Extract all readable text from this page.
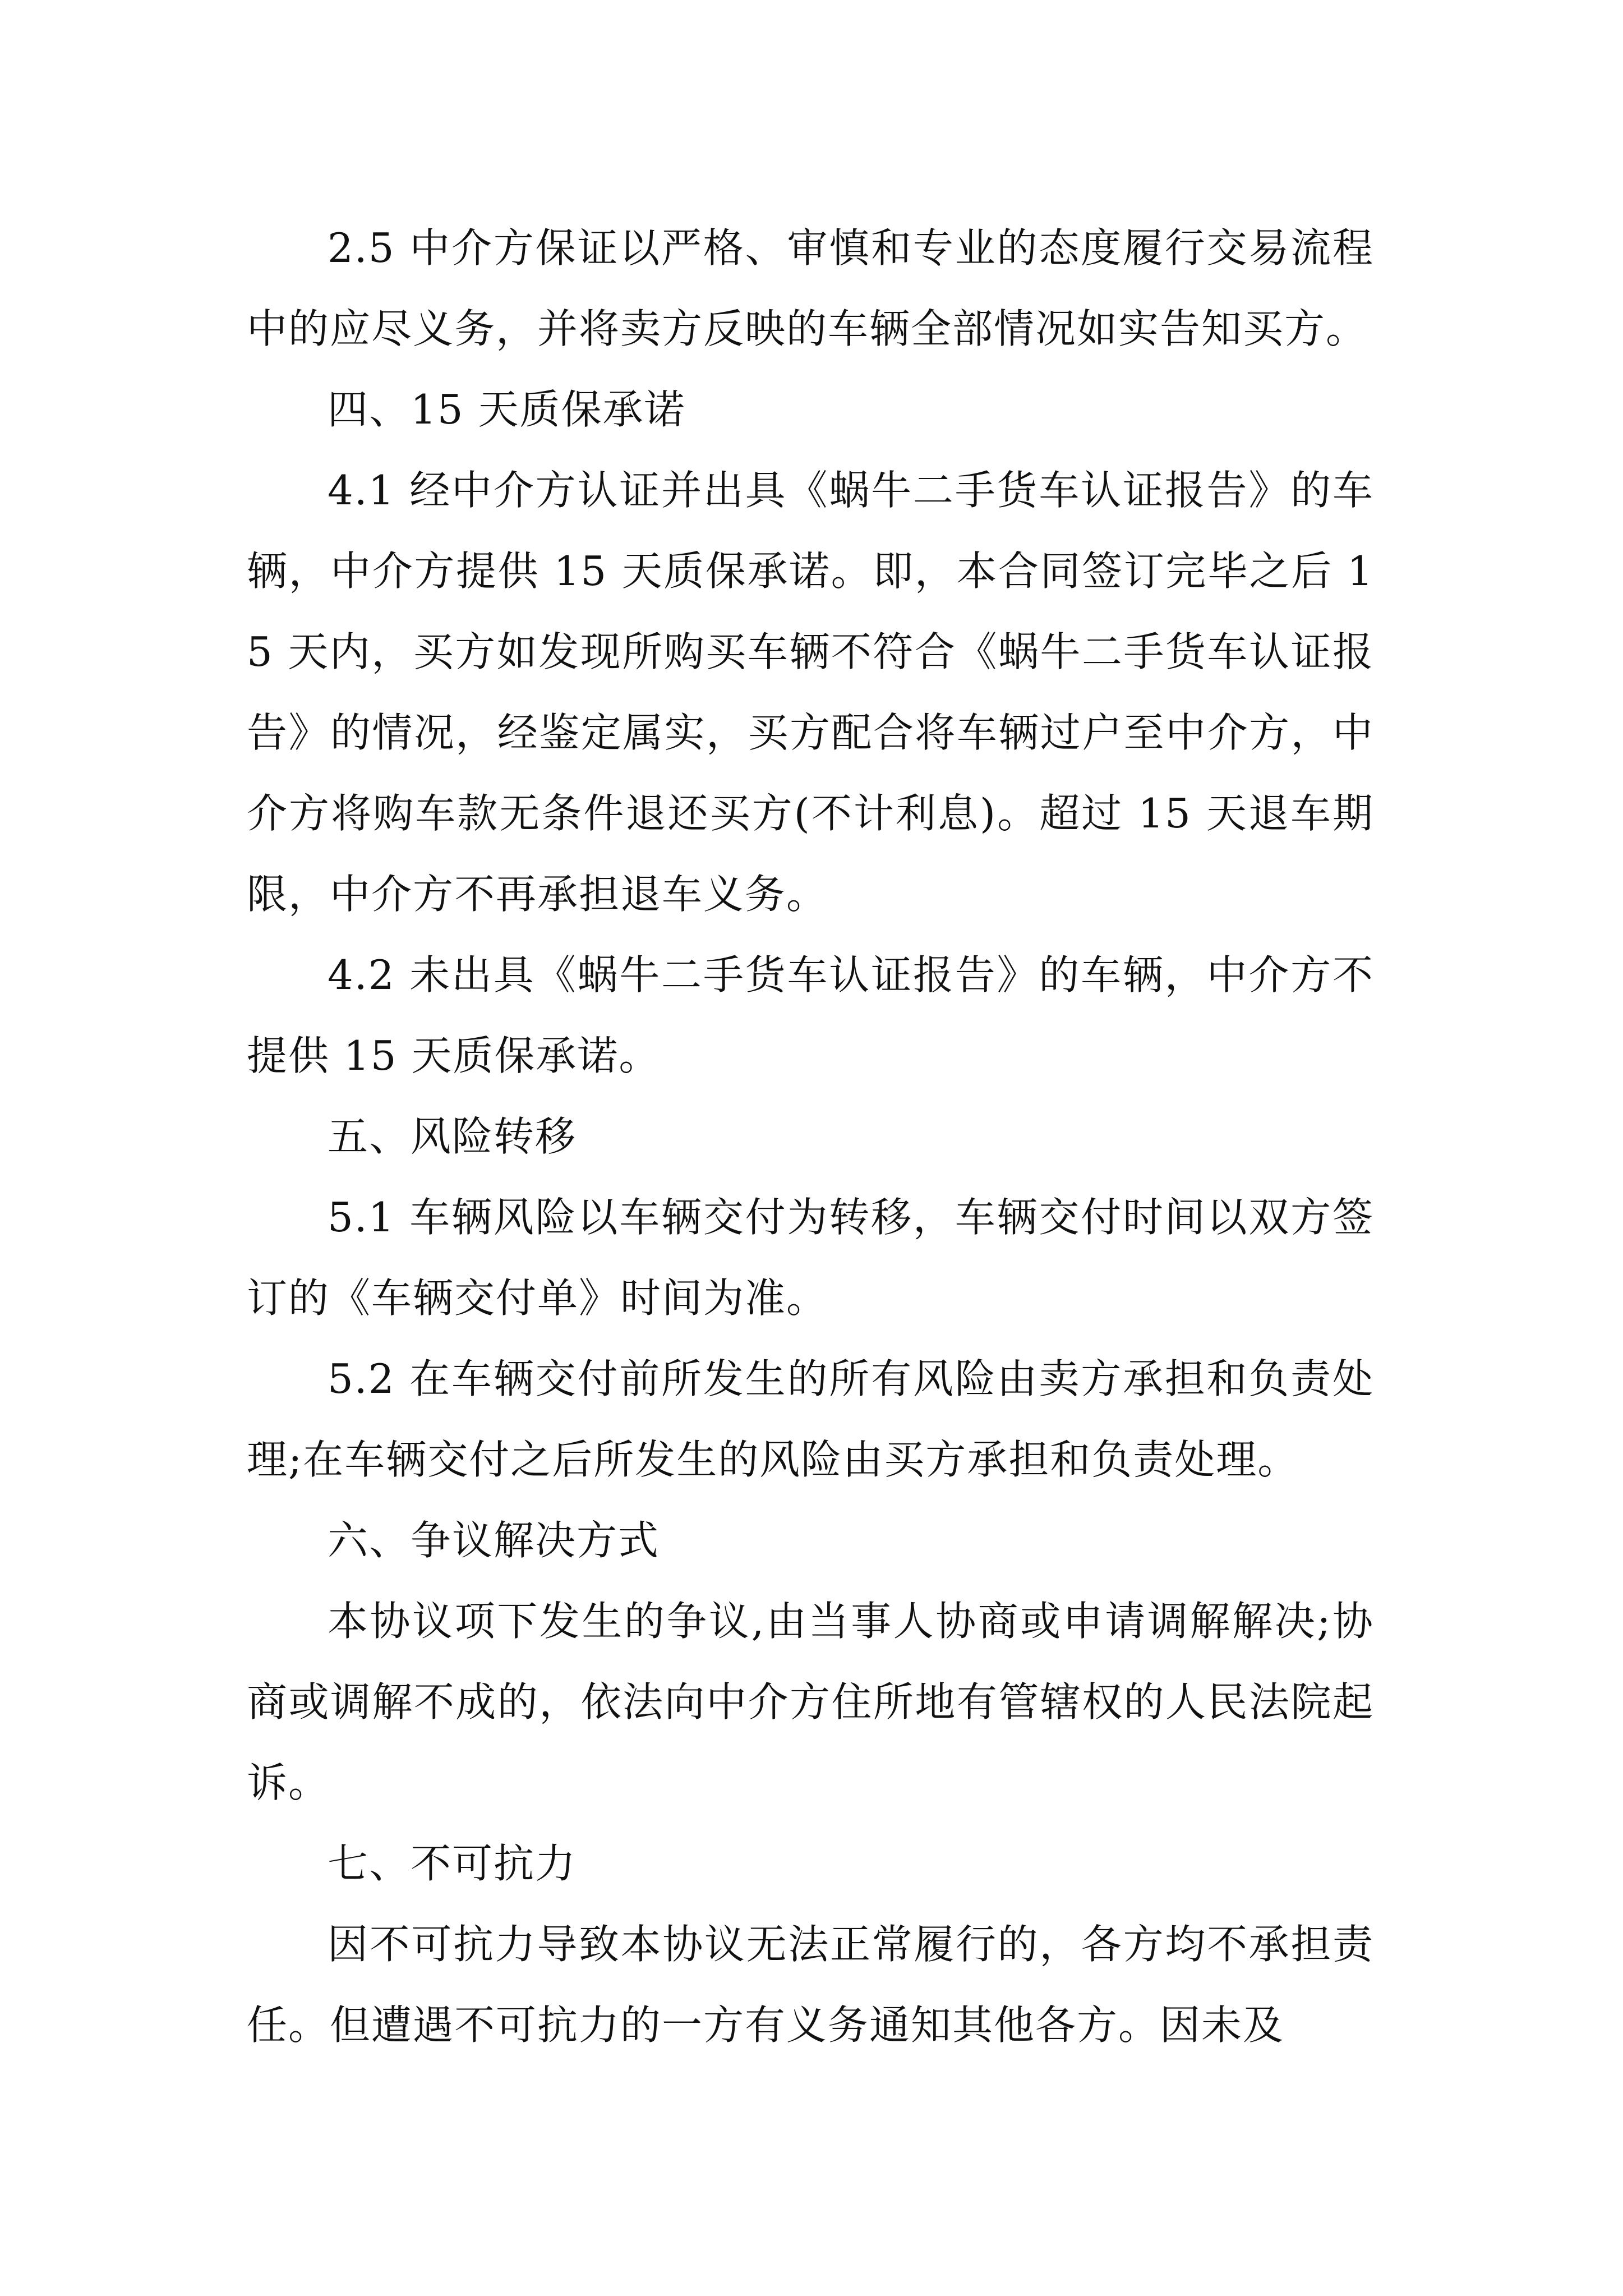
2.5 中介方保证以严格、审慎和专业的态度履行交易流程中的应尽义务，并将卖方反映的车辆全部情况如实告知买方。

四、15 天质保承诺

4.1 经中介方认证并出具《蜗牛二手货车认证报告》的车辆，中介方提供 15 天质保承诺。即，本合同签订完毕之后 15 天内，买方如发现所购买车辆不符合《蜗牛二手货车认证报告》的情况，经鉴定属实，买方配合将车辆过户至中介方，中介方将购车款无条件退还买方(不计利息)。超过 15 天退车期限，中介方不再承担退车义务。

4.2 未出具《蜗牛二手货车认证报告》的车辆，中介方不提供 15 天质保承诺。

五、风险转移

5.1 车辆风险以车辆交付为转移，车辆交付时间以双方签订的《车辆交付单》时间为准。

5.2 在车辆交付前所发生的所有风险由卖方承担和负责处理;在车辆交付之后所发生的风险由买方承担和负责处理。

六、争议解决方式

本协议项下发生的争议,由当事人协商或申请调解解决;协商或调解不成的，依法向中介方住所地有管辖权的人民法院起诉。

七、不可抗力

因不可抗力导致本协议无法正常履行的，各方均不承担责任。但遭遇不可抗力的一方有义务通知其他各方。因未及
